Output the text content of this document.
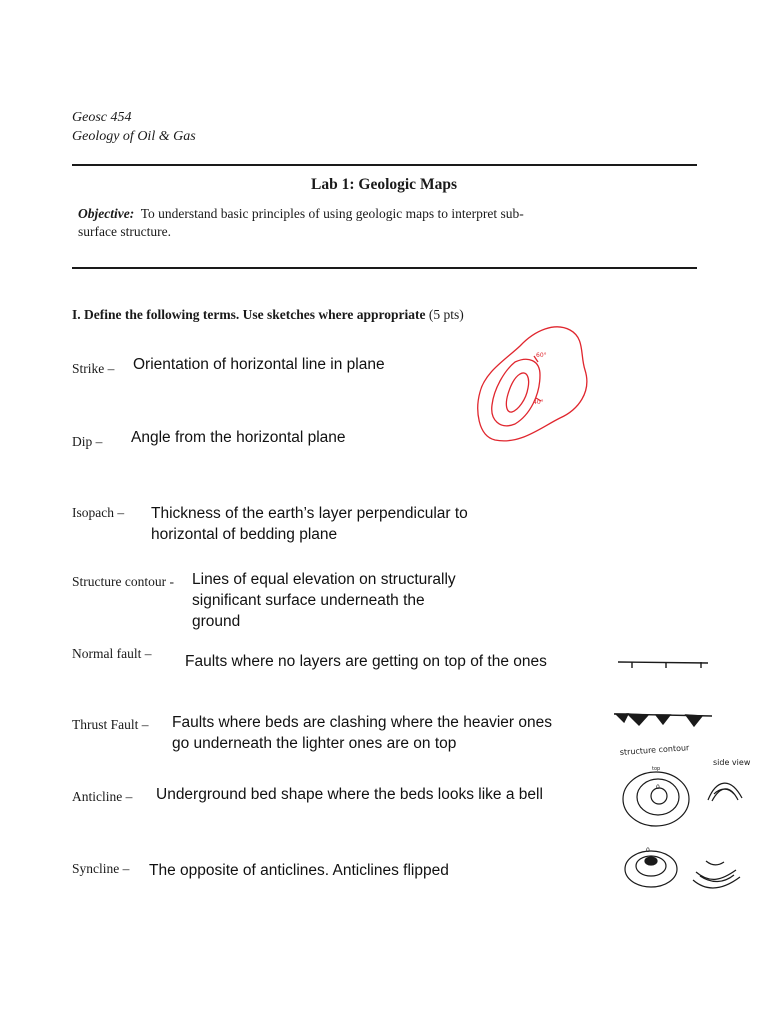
Geosc 454
Geology of Oil & Gas
Lab 1: Geologic Maps
Objective: To understand basic principles of using geologic maps to interpret sub-
surface structure.
I. Define the following terms. Use sketches where appropriate (5 pts)
Strike – Orientation of horizontal line in plane
Dip – Angle from the horizontal plane
Isopach – Thickness of the earth’s layer perpendicular to
horizontal of bedding plane
Structure contour - Lines of equal elevation on structurally
significant surface underneath the
ground
Normal fault – Faults where no layers are getting on top of the ones
Thrust Fault – Faults where beds are clashing where the heavier ones
go underneath the lighter ones are on top
Anticline – Underground bed shape where the beds looks like a bell
Syncline – The opposite of anticlines. Anticlines flipped
60°
40°
structure contour
side view
top
0
0
